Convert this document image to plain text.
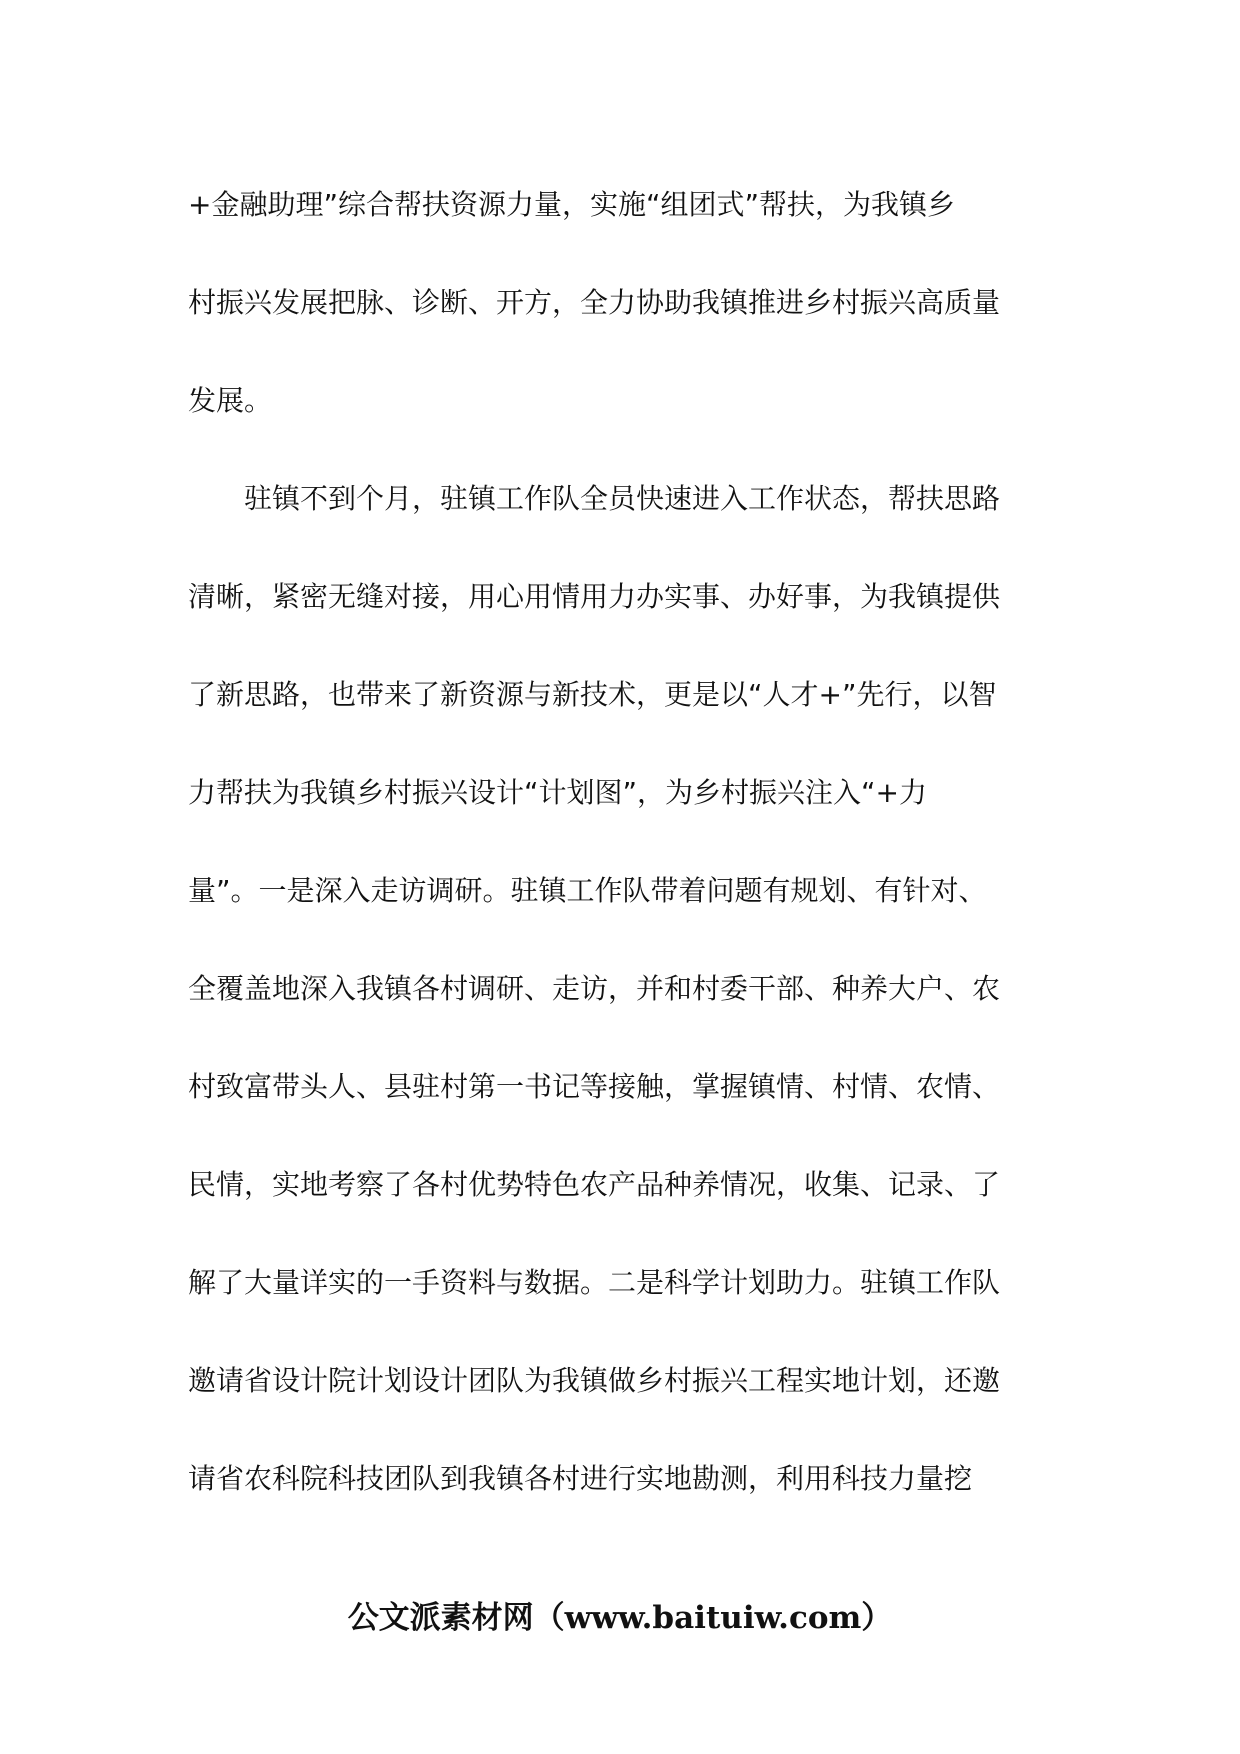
+金融助理”综合帮扶资源力量，实施“组团式”帮扶，为我镇乡
村振兴发展把脉、诊断、开方，全力协助我镇推进乡村振兴高质量
发展。

驻镇不到个月，驻镇工作队全员快速进入工作状态，帮扶思路
清晰，紧密无缝对接，用心用情用力办实事、办好事，为我镇提供
了新思路，也带来了新资源与新技术，更是以“人才+”先行，以智
力帮扶为我镇乡村振兴设计“计划图”，为乡村振兴注入“+力
量”。一是深入走访调研。驻镇工作队带着问题有规划、有针对、
全覆盖地深入我镇各村调研、走访，并和村委干部、种养大户、农
村致富带头人、县驻村第一书记等接触，掌握镇情、村情、农情、
民情，实地考察了各村优势特色农产品种养情况，收集、记录、了
解了大量详实的一手资料与数据。二是科学计划助力。驻镇工作队
邀请省设计院计划设计团队为我镇做乡村振兴工程实地计划，还邀
请省农科院科技团队到我镇各村进行实地勘测，利用科技力量挖

公文派素材网（www.baituiw.com）
